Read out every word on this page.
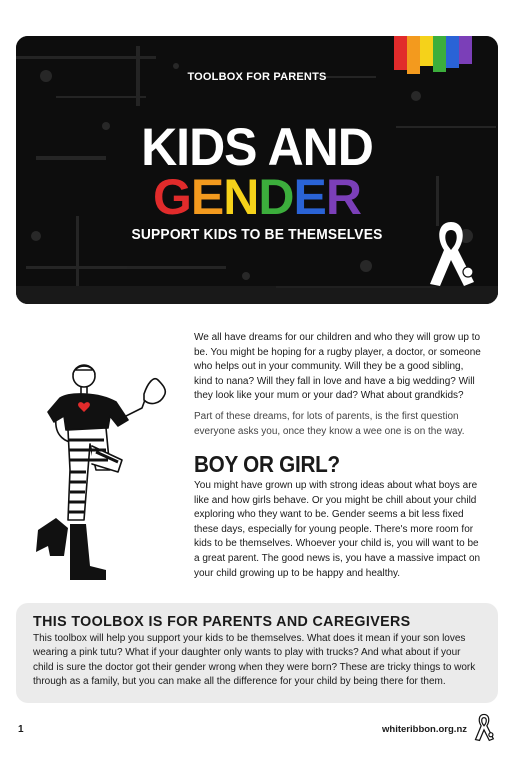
TOOLBOX FOR PARENTS
KIDS AND
GENDER
SUPPORT KIDS TO BE THEMSELVES

We all have dreams for our children and who they will grow up to be. You might be hoping for a rugby player, a doctor, or someone who helps out in your community. Will they be a good sibling, kind to nana? Will they fall in love and have a big wedding? Will they look like your mum or your dad? What about grandkids?

Part of these dreams, for lots of parents, is the first question everyone asks you, once they know a wee one is on the way.

BOY OR GIRL?
You might have grown up with strong ideas about what boys are like and how girls behave. Or you might be chill about your child exploring who they want to be. Gender seems a bit less fixed these days, especially for young people. There's more room for kids to be themselves. Whoever your child is, you will want to be a great parent. The good news is, you have a massive impact on your child growing up to be happy and healthy.
THIS TOOLBOX IS FOR PARENTS AND CAREGIVERS
This toolbox will help you support your kids to be themselves. What does it mean if your son loves wearing a pink tutu? What if your daughter only wants to play with trucks? And what about if your child is sure the doctor got their gender wrong when they were born? These are tricky things to work through as a family, but you can make all the difference for your child by being there for them.
1	whiteribbon.org.nz
